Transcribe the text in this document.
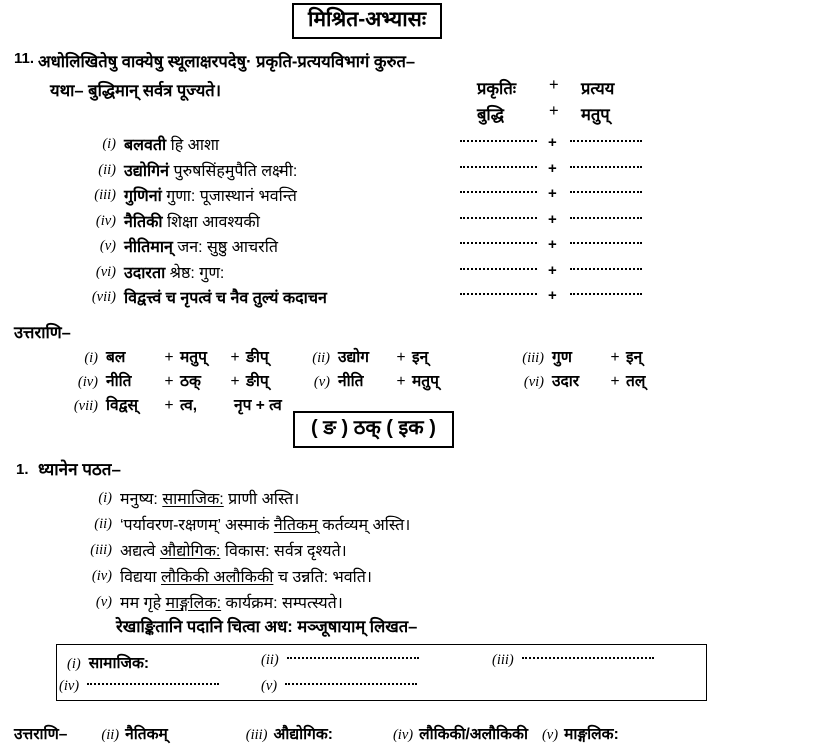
मिश्रित-अभ्यासः
11. अधोलिखितेषु वाक्येषु स्थूलाक्षरपदेषु· प्रकृति-प्रत्ययविभागं कुरुत–
यथा– बुद्धिमान् सर्वत्र पूज्यते।	प्रकृतिः + प्रत्यय
बुद्धि	+ मतुप्
(i) बलवती हि आशा	+
(ii) उद्योगिनं पुरुषसिंहमुपैति लक्ष्मी:	+
(iii) गुणिनां गुणा: पूजास्थानं भवन्ति	+
(iv) नैतिकी शिक्षा आवश्यकी	+
(v) नीतिमान् जन: सुष्ठु आचरति	+
(vi) उदारता श्रेष्ठ: गुण:	+
(vii) विद्वत्त्वं च नृपत्वं च नैव तुल्यं कदाचन	+
उत्तराणि–
(i) बल	+ मतुप् + ङीप्	(ii) उद्योग + इन्	(iii) गुण + इन्
(iv) नीति + ठक् + ङीप्	(v) नीति + मतुप्	(vi) उदार + तल्
(vii) विद्वस् + त्व, नृप + त्व
( ङ ) ठक् ( इक )
1. ध्यानेन पठत–
(i) मनुष्य: सामाजिक: प्राणी अस्ति।
(ii) ‘पर्यावरण-रक्षणम्’ अस्माकं नैतिकम् कर्तव्यम् अस्ति।
(iii) अद्यत्वे औद्योगिक: विकास: सर्वत्र दृश्यते।
(iv) विद्यया लौकिकी अलौकिकी च उन्नति: भवति।
(v) मम गृहे माङ्गलिक: कार्यक्रम: सम्पत्स्यते।
रेखाङ्कितानि पदानि चित्वा अध: मञ्जूषायाम् लिखत–
(i) सामाजिक:	(ii)	(iii)
(iv)	(v)
उत्तराणि– (ii) नैतिकम्	(iii) औद्योगिक:	(iv) लौकिकी/अलौकिकी (v) माङ्गलिक:
